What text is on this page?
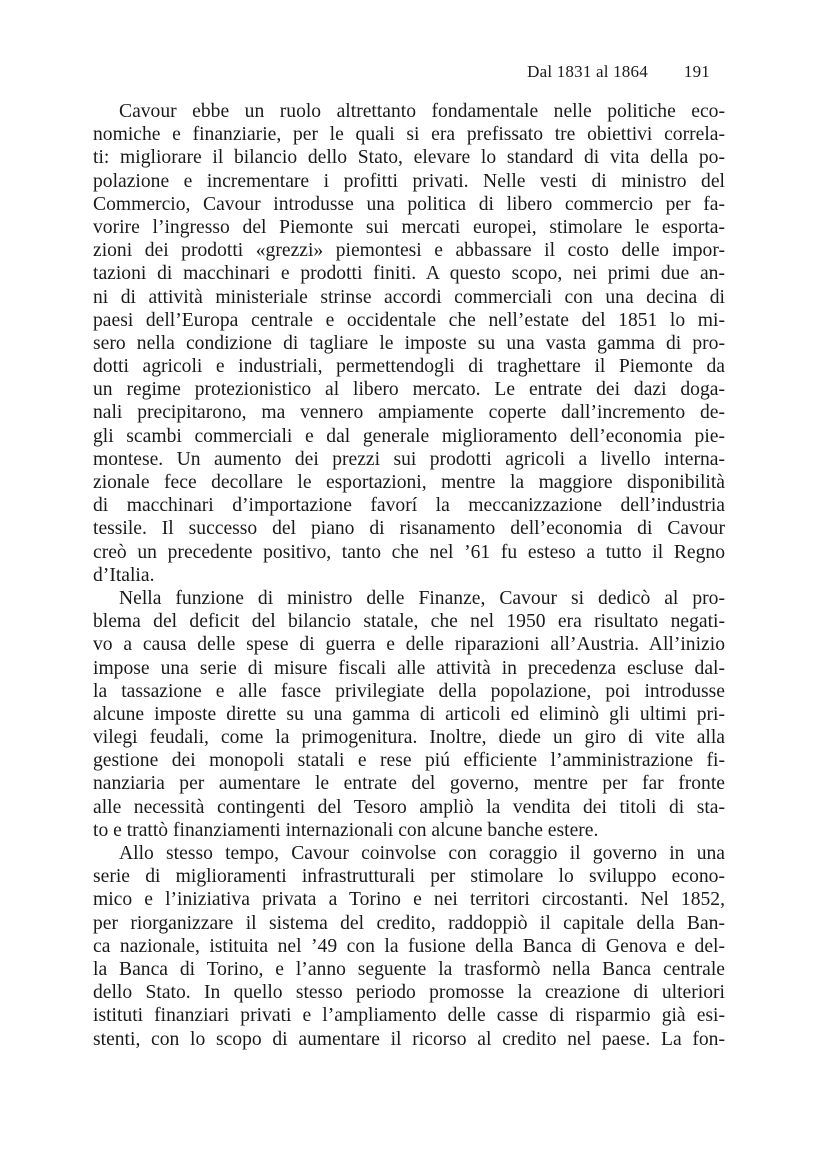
Dal 1831 al 1864 191
Cavour ebbe un ruolo altrettanto fondamentale nelle politiche eco-
nomiche e finanziarie, per le quali si era prefissato tre obiettivi correla-
ti: migliorare il bilancio dello Stato, elevare lo standard di vita della po-
polazione e incrementare i profitti privati. Nelle vesti di ministro del
Commercio, Cavour introdusse una politica di libero commercio per fa-
vorire l’ingresso del Piemonte sui mercati europei, stimolare le esporta-
zioni dei prodotti «grezzi» piemontesi e abbassare il costo delle impor-
tazioni di macchinari e prodotti finiti. A questo scopo, nei primi due an-
ni di attività ministeriale strinse accordi commerciali con una decina di
paesi dell’Europa centrale e occidentale che nell’estate del 1851 lo mi-
sero nella condizione di tagliare le imposte su una vasta gamma di pro-
dotti agricoli e industriali, permettendogli di traghettare il Piemonte da
un regime protezionistico al libero mercato. Le entrate dei dazi doga-
nali precipitarono, ma vennero ampiamente coperte dall’incremento de-
gli scambi commerciali e dal generale miglioramento dell’economia pie-
montese. Un aumento dei prezzi sui prodotti agricoli a livello interna-
zionale fece decollare le esportazioni, mentre la maggiore disponibilità
di macchinari d’importazione favorí la meccanizzazione dell’industria
tessile. Il successo del piano di risanamento dell’economia di Cavour
creò un precedente positivo, tanto che nel ’61 fu esteso a tutto il Regno
d’Italia.
Nella funzione di ministro delle Finanze, Cavour si dedicò al pro-
blema del deficit del bilancio statale, che nel 1950 era risultato negati-
vo a causa delle spese di guerra e delle riparazioni all’Austria. All’inizio
impose una serie di misure fiscali alle attività in precedenza escluse dal-
la tassazione e alle fasce privilegiate della popolazione, poi introdusse
alcune imposte dirette su una gamma di articoli ed eliminò gli ultimi pri-
vilegi feudali, come la primogenitura. Inoltre, diede un giro di vite alla
gestione dei monopoli statali e rese piú efficiente l’amministrazione fi-
nanziaria per aumentare le entrate del governo, mentre per far fronte
alle necessità contingenti del Tesoro ampliò la vendita dei titoli di sta-
to e trattò finanziamenti internazionali con alcune banche estere.
Allo stesso tempo, Cavour coinvolse con coraggio il governo in una
serie di miglioramenti infrastrutturali per stimolare lo sviluppo econo-
mico e l’iniziativa privata a Torino e nei territori circostanti. Nel 1852,
per riorganizzare il sistema del credito, raddoppiò il capitale della Ban-
ca nazionale, istituita nel ’49 con la fusione della Banca di Genova e del-
la Banca di Torino, e l’anno seguente la trasformò nella Banca centrale
dello Stato. In quello stesso periodo promosse la creazione di ulteriori
istituti finanziari privati e l’ampliamento delle casse di risparmio già esi-
stenti, con lo scopo di aumentare il ricorso al credito nel paese. La fon-
